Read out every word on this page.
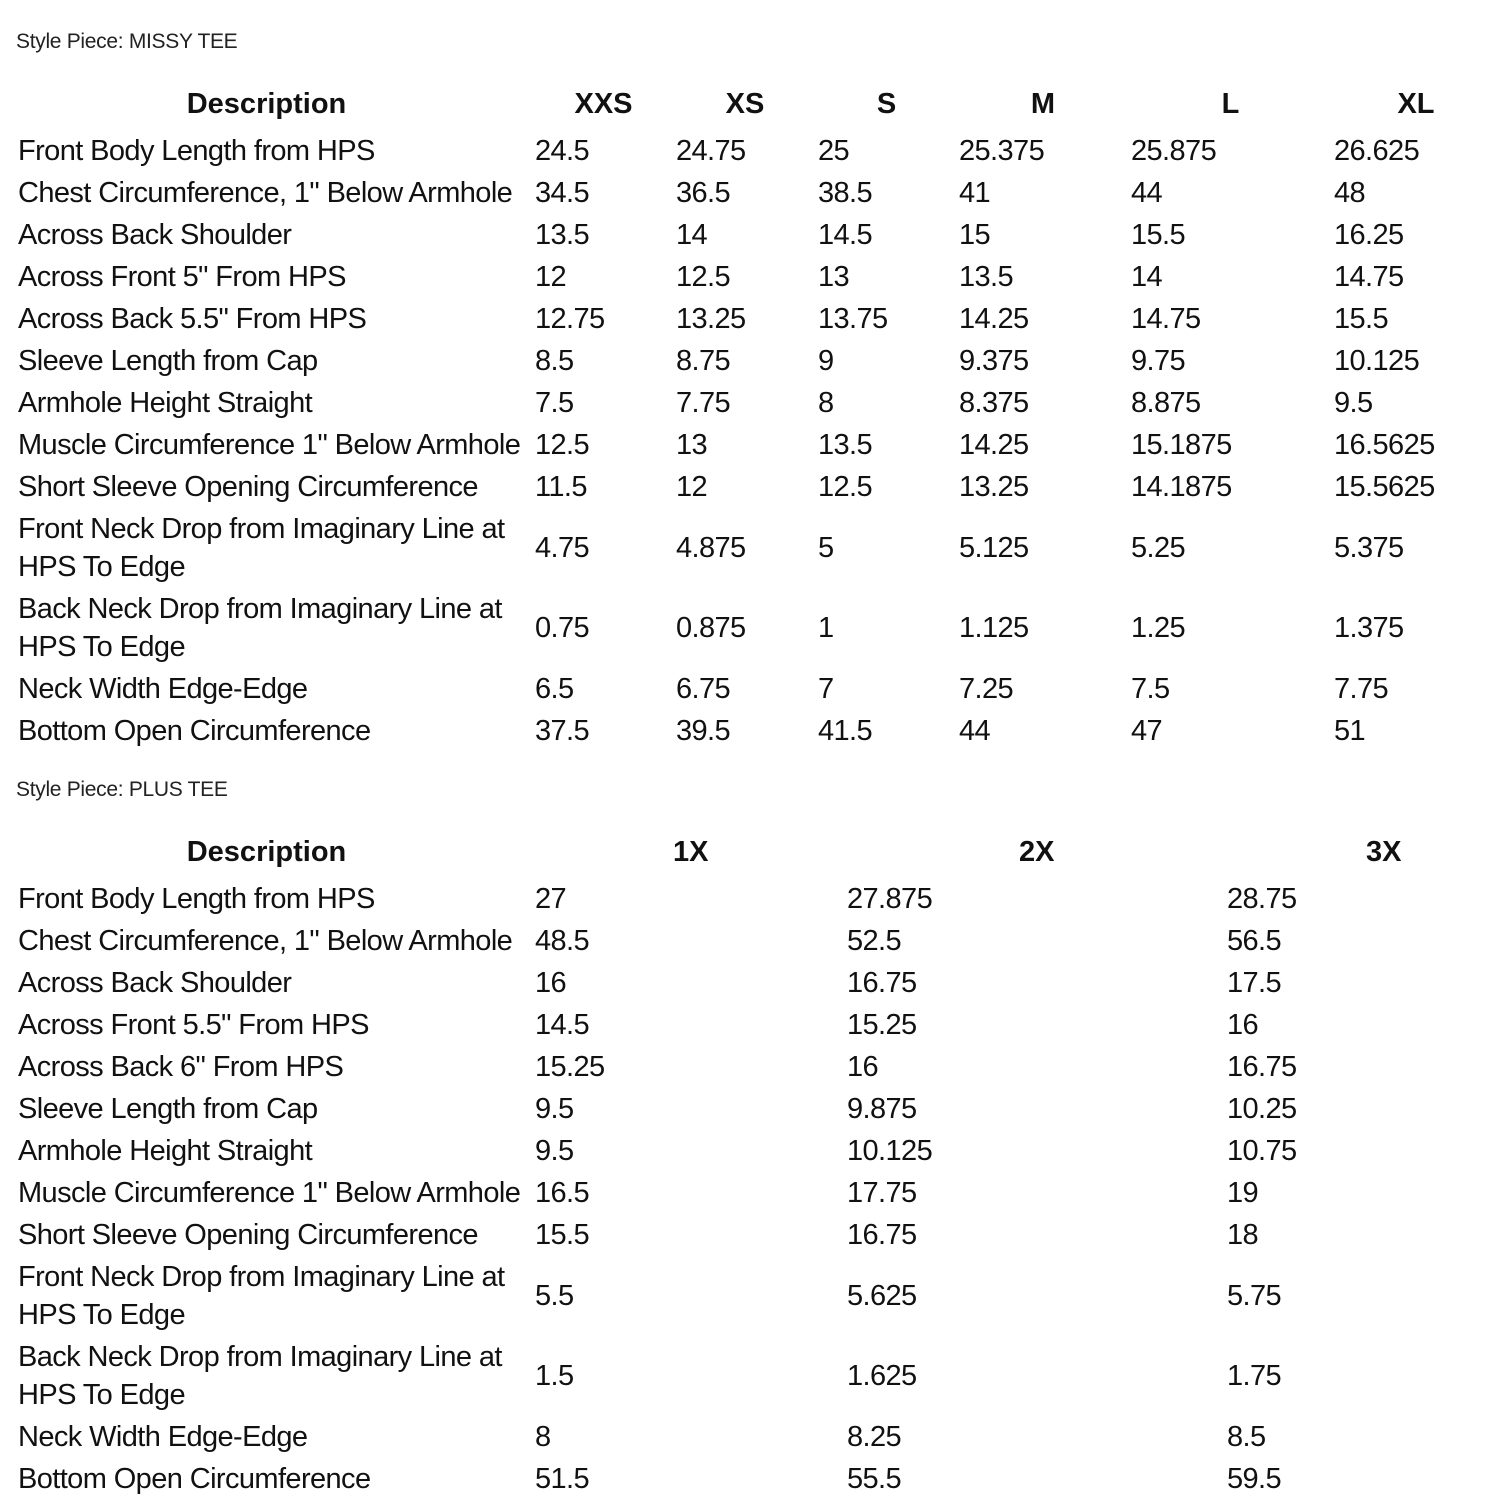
Style Piece: MISSY TEE
Description	XXS	XS	S	M	L	XL
Front Body Length from HPS	24.5	24.75	25	25.375	25.875	26.625
Chest Circumference, 1" Below Armhole	34.5	36.5	38.5	41	44	48
Across Back Shoulder	13.5	14	14.5	15	15.5	16.25
Across Front 5" From HPS	12	12.5	13	13.5	14	14.75
Across Back 5.5" From HPS	12.75	13.25	13.75	14.25	14.75	15.5
Sleeve Length from Cap	8.5	8.75	9	9.375	9.75	10.125
Armhole Height Straight	7.5	7.75	8	8.375	8.875	9.5
Muscle Circumference 1" Below Armhole	12.5	13	13.5	14.25	15.1875	16.5625
Short Sleeve Opening Circumference	11.5	12	12.5	13.25	14.1875	15.5625
Front Neck Drop from Imaginary Line at HPS To Edge	4.75	4.875	5	5.125	5.25	5.375
Back Neck Drop from Imaginary Line at HPS To Edge	0.75	0.875	1	1.125	1.25	1.375
Neck Width Edge-Edge	6.5	6.75	7	7.25	7.5	7.75
Bottom Open Circumference	37.5	39.5	41.5	44	47	51
Style Piece: PLUS TEE
Description	1X	2X	3X
Front Body Length from HPS	27	27.875	28.75
Chest Circumference, 1" Below Armhole	48.5	52.5	56.5
Across Back Shoulder	16	16.75	17.5
Across Front 5.5" From HPS	14.5	15.25	16
Across Back 6" From HPS	15.25	16	16.75
Sleeve Length from Cap	9.5	9.875	10.25
Armhole Height Straight	9.5	10.125	10.75
Muscle Circumference 1" Below Armhole	16.5	17.75	19
Short Sleeve Opening Circumference	15.5	16.75	18
Front Neck Drop from Imaginary Line at HPS To Edge	5.5	5.625	5.75
Back Neck Drop from Imaginary Line at HPS To Edge	1.5	1.625	1.75
Neck Width Edge-Edge	8	8.25	8.5
Bottom Open Circumference	51.5	55.5	59.5
